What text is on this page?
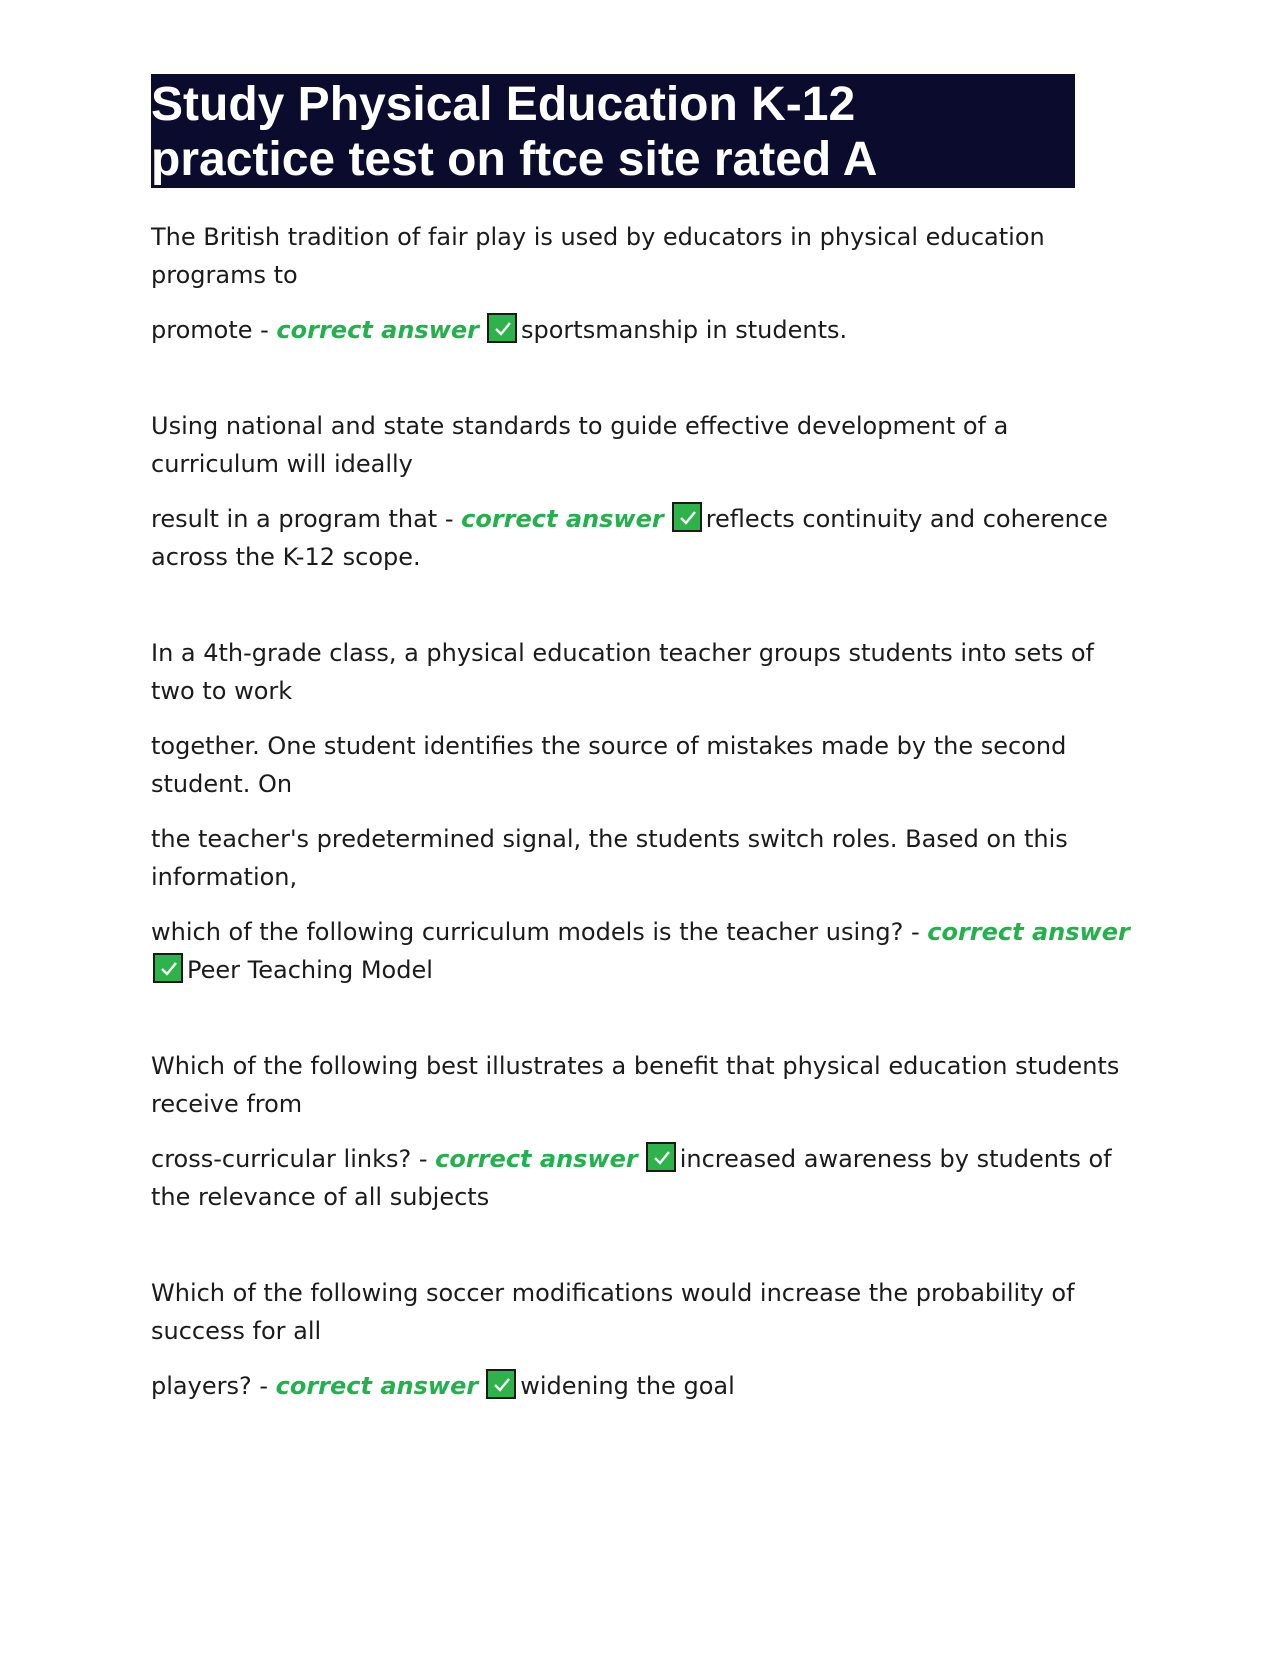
Study Physical Education K-12
practice test on ftce site rated A

The British tradition of fair play is used by educators in physical education programs to

promote - correct answer sportsmanship in students.

Using national and state standards to guide effective development of a curriculum will ideally

result in a program that - correct answer reflects continuity and coherence across the K-12 scope.

In a 4th-grade class, a physical education teacher groups students into sets of two to work

together. One student identifies the source of mistakes made by the second student. On

the teacher's predetermined signal, the students switch roles. Based on this information,

which of the following curriculum models is the teacher using? - correct answer

Peer Teaching Model

Which of the following best illustrates a benefit that physical education students receive from

cross-curricular links? - correct answer increased awareness by students of the relevance of all subjects

Which of the following soccer modifications would increase the probability of success for all

players? - correct answer widening the goal
